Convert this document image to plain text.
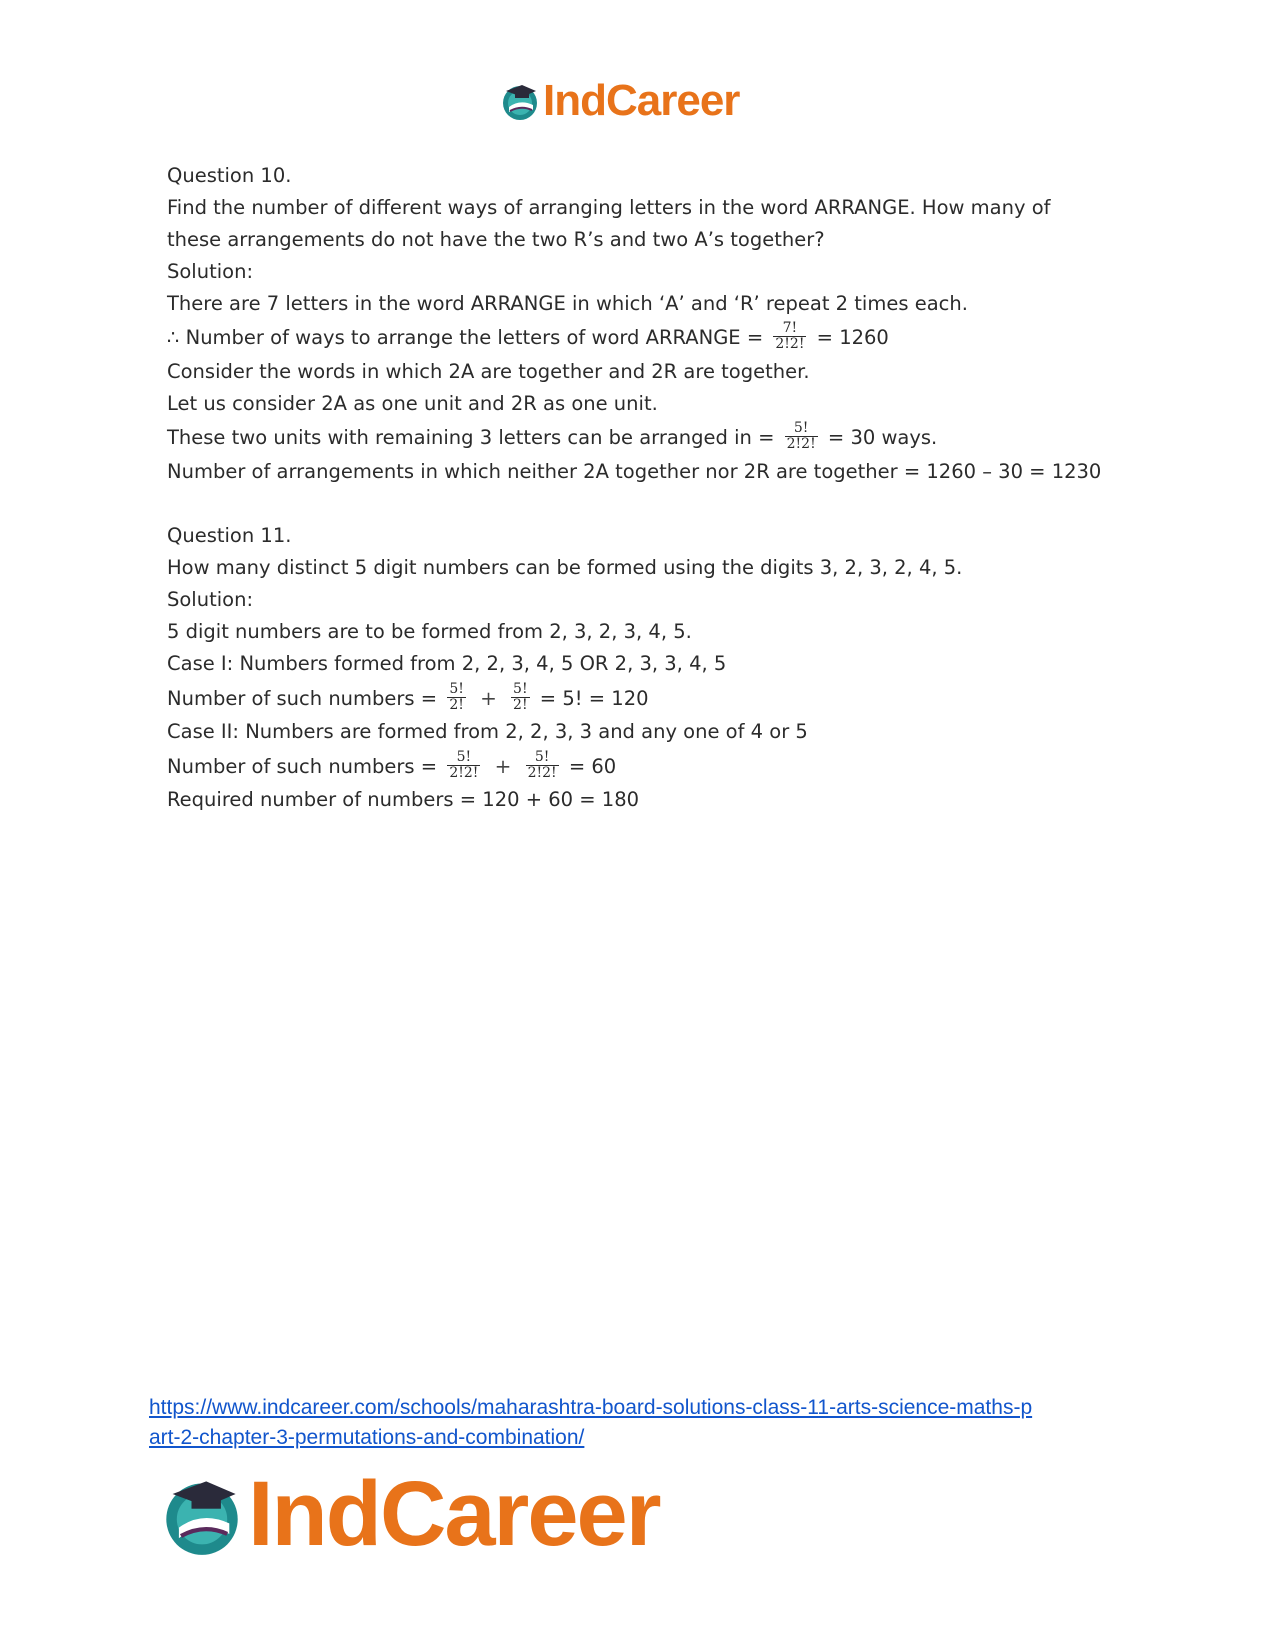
IndCareer
Question 10.
Find the number of different ways of arranging letters in the word ARRANGE. How many of
these arrangements do not have the two R’s and two A’s together?
Solution:
There are 7 letters in the word ARRANGE in which ‘A’ and ‘R’ repeat 2 times each.
∴ Number of ways to arrange the letters of word ARRANGE = $\frac{7!}{2!2!} = 1260$
Consider the words in which 2A are together and 2R are together.
Let us consider 2A as one unit and 2R as one unit.
These two units with remaining 3 letters can be arranged in = $\frac{5!}{2!2!} = 30$ ways.
Number of arrangements in which neither 2A together nor 2R are together = 1260 – 30 = 1230
Question 11.
How many distinct 5 digit numbers can be formed using the digits 3, 2, 3, 2, 4, 5.
Solution:
5 digit numbers are to be formed from 2, 3, 2, 3, 4, 5.
Case I: Numbers formed from 2, 2, 3, 4, 5 OR 2, 3, 3, 4, 5
Number of such numbers = $\frac{5!}{2!} + \frac{5!}{2!} = 5$! = 120
Case II: Numbers are formed from 2, 2, 3, 3 and any one of 4 or 5
Number of such numbers = $\frac{5!}{2!2!} + \frac{5!}{2!2!} = 60$
Required number of numbers = 120 + 60 = 180
https://www.indcareer.com/schools/maharashtra-board-solutions-class-11-arts-science-maths-p
art-2-chapter-3-permutations-and-combination/
IndCareer
